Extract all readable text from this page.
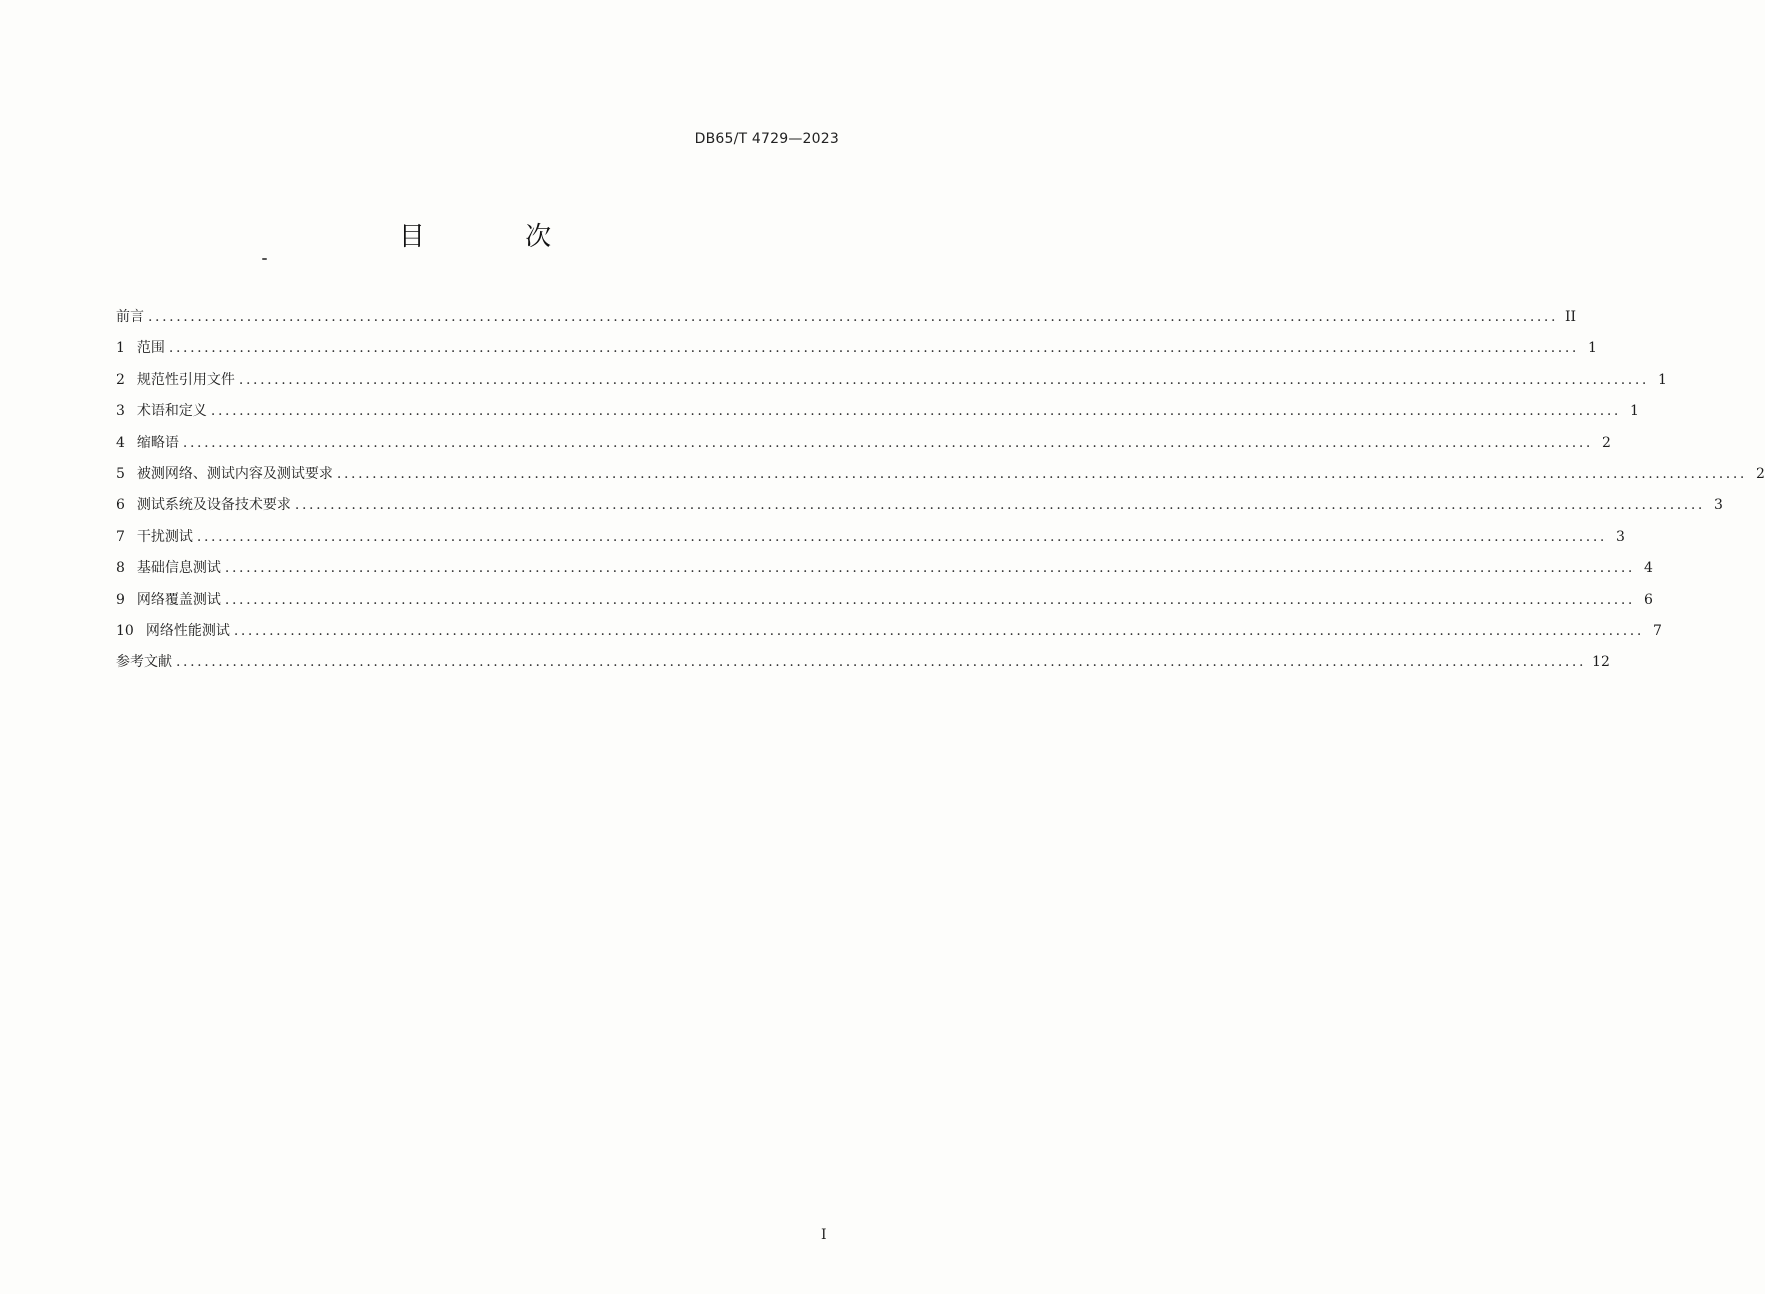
DB65/T 4729—2023
目 次
前言 ........................................................................................................................................................................................................ II
1 范围 ........................................................................................................................................................................................................ 1
2 规范性引用文件 ........................................................................................................................................................................................................ 1
3 术语和定义 ........................................................................................................................................................................................................ 1
4 缩略语 ........................................................................................................................................................................................................ 2
5 被测网络、测试内容及测试要求 ........................................................................................................................................................................................................ 2
6 测试系统及设备技术要求 ........................................................................................................................................................................................................ 3
7 干扰测试 ........................................................................................................................................................................................................ 3
8 基础信息测试 ........................................................................................................................................................................................................ 4
9 网络覆盖测试 ........................................................................................................................................................................................................ 6
10 网络性能测试 ........................................................................................................................................................................................................ 7
参考文献 ........................................................................................................................................................................................................ 12
I
